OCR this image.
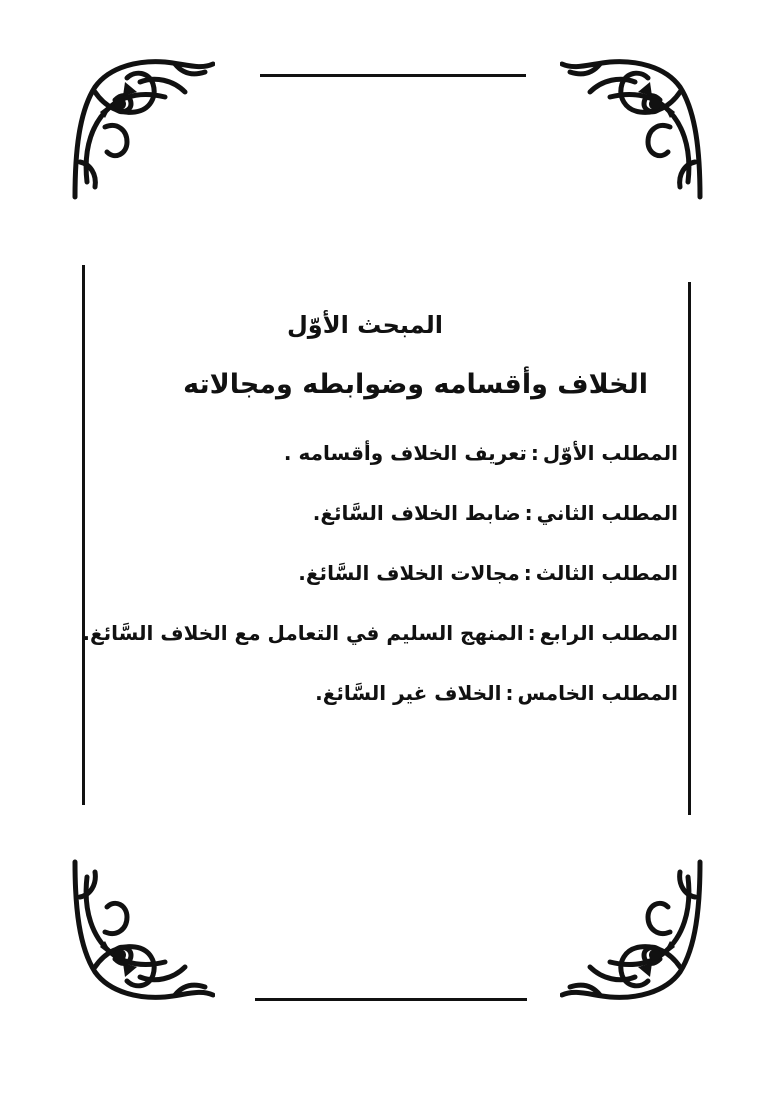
المبحث الأوّل
الخلاف وأقسامه وضوابطه ومجالاته
المطلب الأوّل:تعريف الخلاف وأقسامه .
المطلب الثاني:ضابط الخلاف السَّائغ.
المطلب الثالث:مجالات الخلاف السَّائغ.
المطلب الرابع:المنهج السليم في التعامل مع الخلاف السَّائغ.
المطلب الخامس:الخلاف غير السَّائغ.
